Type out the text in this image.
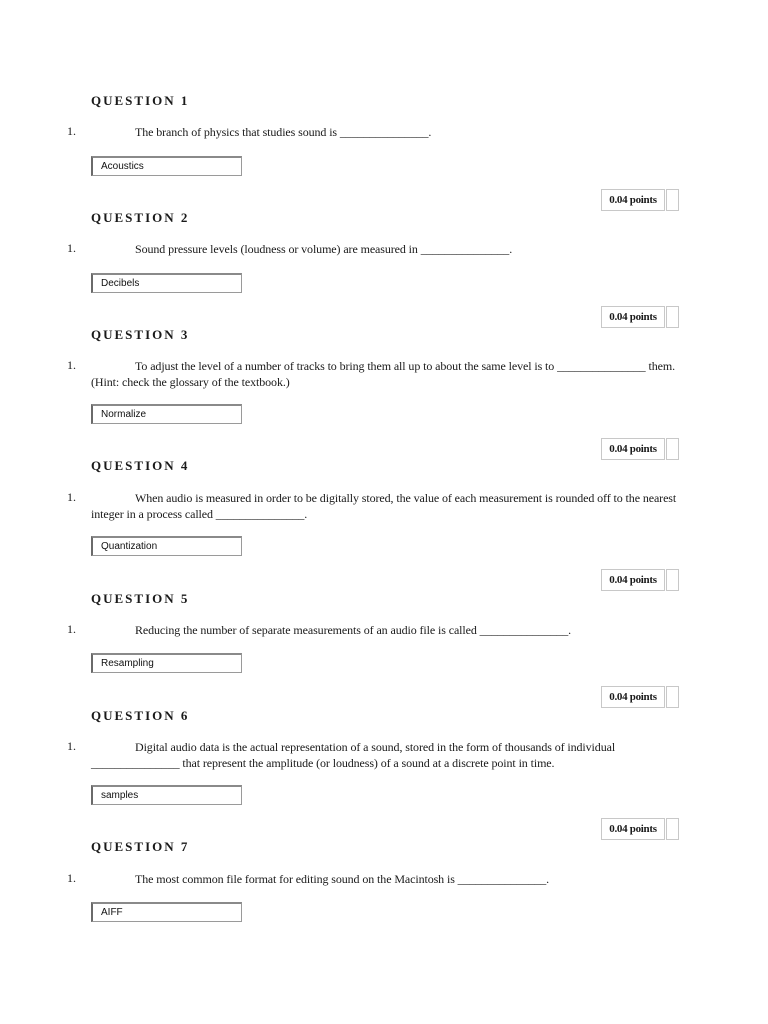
QUESTION 1
1.	The branch of physics that studies sound is _______________.
Acoustics
0.04 points
QUESTION 2
1.	Sound pressure levels (loudness or volume) are measured in _______________.
Decibels
0.04 points
QUESTION 3
1.	To adjust the level of a number of tracks to bring them all up to about the same level is to _______________ them. (Hint: check the glossary of the textbook.)
Normalize
0.04 points
QUESTION 4
1.	When audio is measured in order to be digitally stored, the value of each measurement is rounded off to the nearest integer in a process called _______________.
Quantization
0.04 points
QUESTION 5
1.	Reducing the number of separate measurements of an audio file is called _______________.
Resampling
0.04 points
QUESTION 6
1.	Digital audio data is the actual representation of a sound, stored in the form of thousands of individual _______________ that represent the amplitude (or loudness) of a sound at a discrete point in time.
samples
0.04 points
QUESTION 7
1.	The most common file format for editing sound on the Macintosh is _______________.
AIFF
